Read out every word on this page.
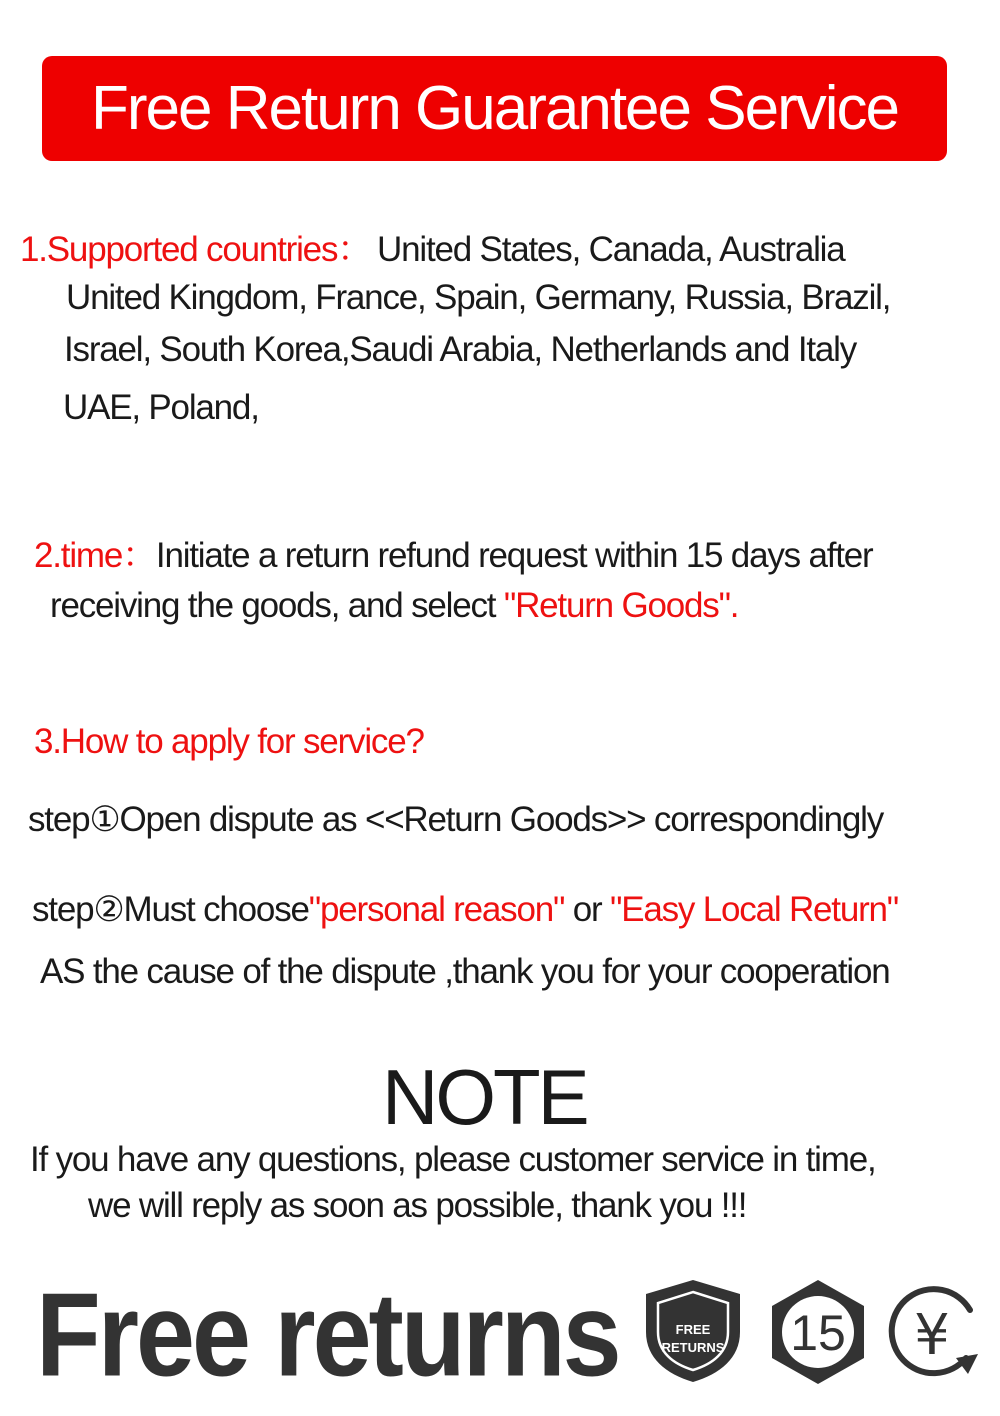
Free Return Guarantee Service
1.Supported countries： United States, Canada, Australia
United Kingdom, France, Spain, Germany, Russia, Brazil,
Israel, South Korea,Saudi Arabia, Netherlands and Italy
UAE, Poland,
2.time：Initiate a return refund request within 15 days after
receiving the goods, and select "Return Goods".
3.How to apply for service?
step①Open dispute as <<Return Goods>> correspondingly
step②Must choose"personal reason" or "Easy Local Return"
AS the cause of the dispute ,thank you for your cooperation
NOTE
If you have any questions, please customer service in time,
we will reply as soon as possible, thank you !!!
Free returns	FREE
RETURNS 15 ¥
